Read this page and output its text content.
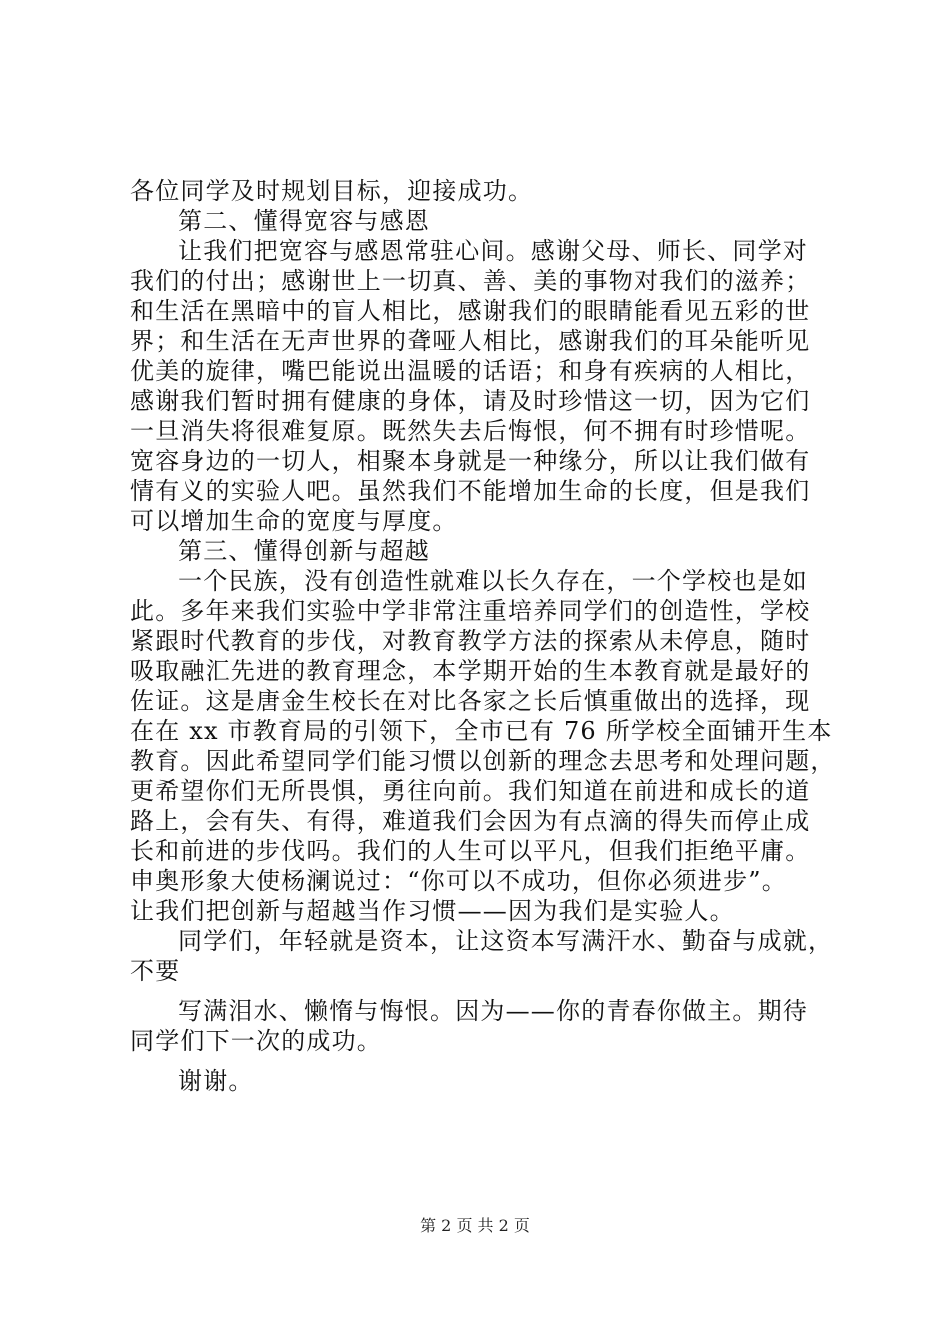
各位同学及时规划目标，迎接成功。
第二、懂得宽容与感恩
让我们把宽容与感恩常驻心间。感谢父母、师长、同学对
我们的付出；感谢世上一切真、善、美的事物对我们的滋养；
和生活在黑暗中的盲人相比，感谢我们的眼睛能看见五彩的世
界；和生活在无声世界的聋哑人相比，感谢我们的耳朵能听见
优美的旋律，嘴巴能说出温暖的话语；和身有疾病的人相比，
感谢我们暂时拥有健康的身体，请及时珍惜这一切，因为它们
一旦消失将很难复原。既然失去后悔恨，何不拥有时珍惜呢。
宽容身边的一切人，相聚本身就是一种缘分，所以让我们做有
情有义的实验人吧。虽然我们不能增加生命的长度，但是我们
可以增加生命的宽度与厚度。
第三、懂得创新与超越
一个民族，没有创造性就难以长久存在，一个学校也是如
此。多年来我们实验中学非常注重培养同学们的创造性，学校
紧跟时代教育的步伐，对教育教学方法的探索从未停息，随时
吸取融汇先进的教育理念，本学期开始的生本教育就是最好的
佐证。这是唐金生校长在对比各家之长后慎重做出的选择，现
在在 xx 市教育局的引领下，全市已有 76 所学校全面铺开生本
教育。因此希望同学们能习惯以创新的理念去思考和处理问题，
更希望你们无所畏惧，勇往向前。我们知道在前进和成长的道
路上，会有失、有得，难道我们会因为有点滴的得失而停止成
长和前进的步伐吗。我们的人生可以平凡，但我们拒绝平庸。
申奥形象大使杨澜说过：“你可以不成功，但你必须进步”。
让我们把创新与超越当作习惯——因为我们是实验人。
同学们，年轻就是资本，让这资本写满汗水、勤奋与成就，
不要
写满泪水、懒惰与悔恨。因为——你的青春你做主。期待
同学们下一次的成功。
谢谢。
第 2 页 共 2 页
